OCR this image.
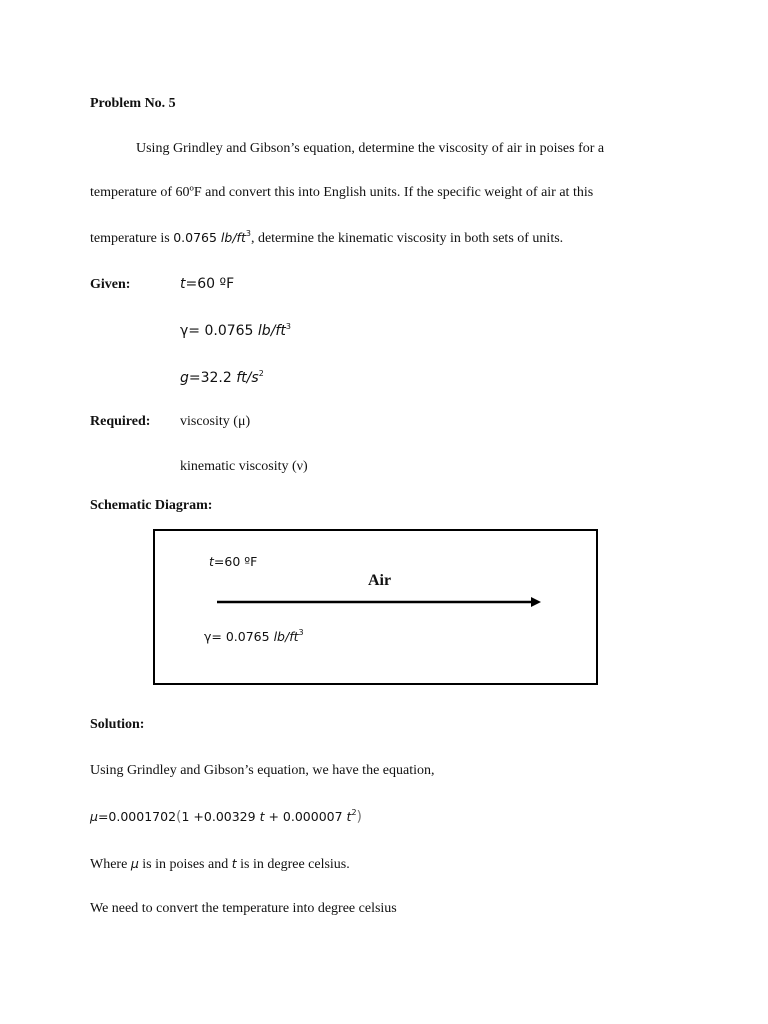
Problem No. 5
Using Grindley and Gibson’s equation, determine the viscosity of air in poises for a
temperature of 60ºF and convert this into English units. If the specific weight of air at this
temperature is 0.0765 $lb/ft^3$, determine the kinematic viscosity in both sets of units.
Given:	t=60 ºF
γ= 0.0765 $lb/ft^3$
g=32.2 $ft/s^2$
Required: viscosity (μ)
kinematic viscosity (ν)
Schematic Diagram:
t=60 ºF
Air
γ= 0.0765 $lb/ft^3$
Solution:
Using Grindley and Gibson’s equation, we have the equation,
μ=0.0001702(1 +0.00329 t + 0.000007 $t^2$)
Where μ is in poises and t is in degree celsius.
We need to convert the temperature into degree celsius
